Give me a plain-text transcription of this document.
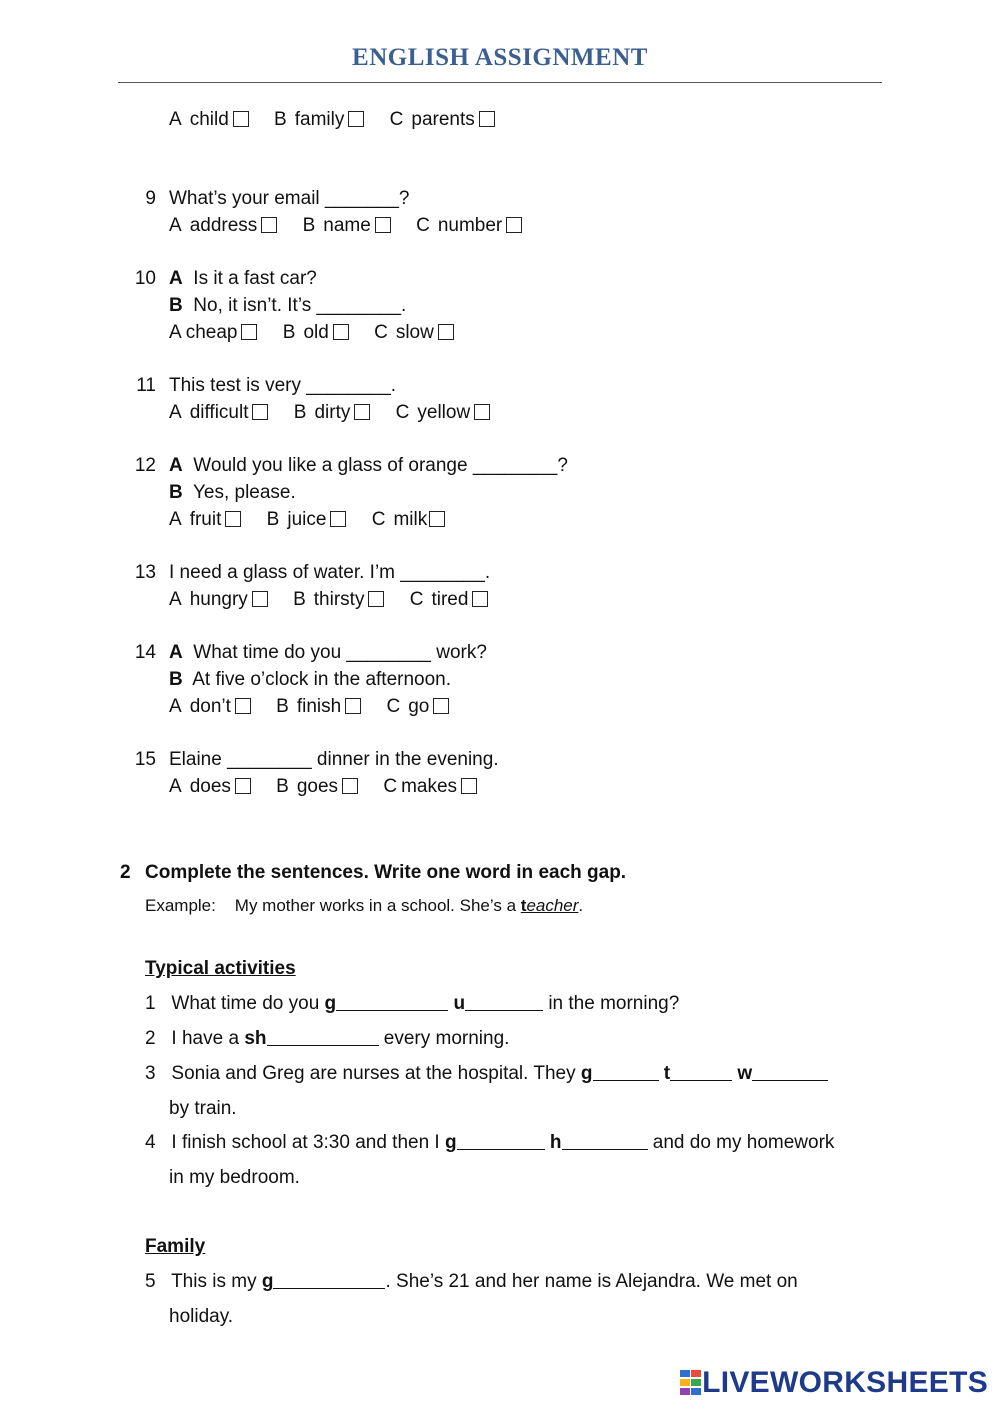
ENGLISH ASSIGNMENT
A child B family C parents
9 What’s your email _______?
A address B name C number
10 A Is it a fast car?
B No, it isn’t. It’s ________.
A cheap B old C slow
11 This test is very ________.
A difficult B dirty C yellow
12 A Would you like a glass of orange ________?
B Yes, please.
A fruit B juice C milk
13 I need a glass of water. I’m ________.
A hungry B thirsty C tired
14 A What time do you ________ work?
B At five o’clock in the afternoon.
A don’t B finish C go
15 Elaine ________ dinner in the evening.
A does B goes C makes
2 Complete the sentences. Write one word in each gap.
Example: My mother works in a school. She’s a teacher.
Typical activities
1 What time do you g	u	in the morning?
2 I have a sh	every morning.
3 Sonia and Greg are nurses at the hospital. They g	t	w
by train.
4 I finish school at 3:30 and then I g	h	and do my homework
in my bedroom.
Family
5 This is my g	. She’s 21 and her name is Alejandra. We met on
holiday.
LIVEWORKSHEETS
